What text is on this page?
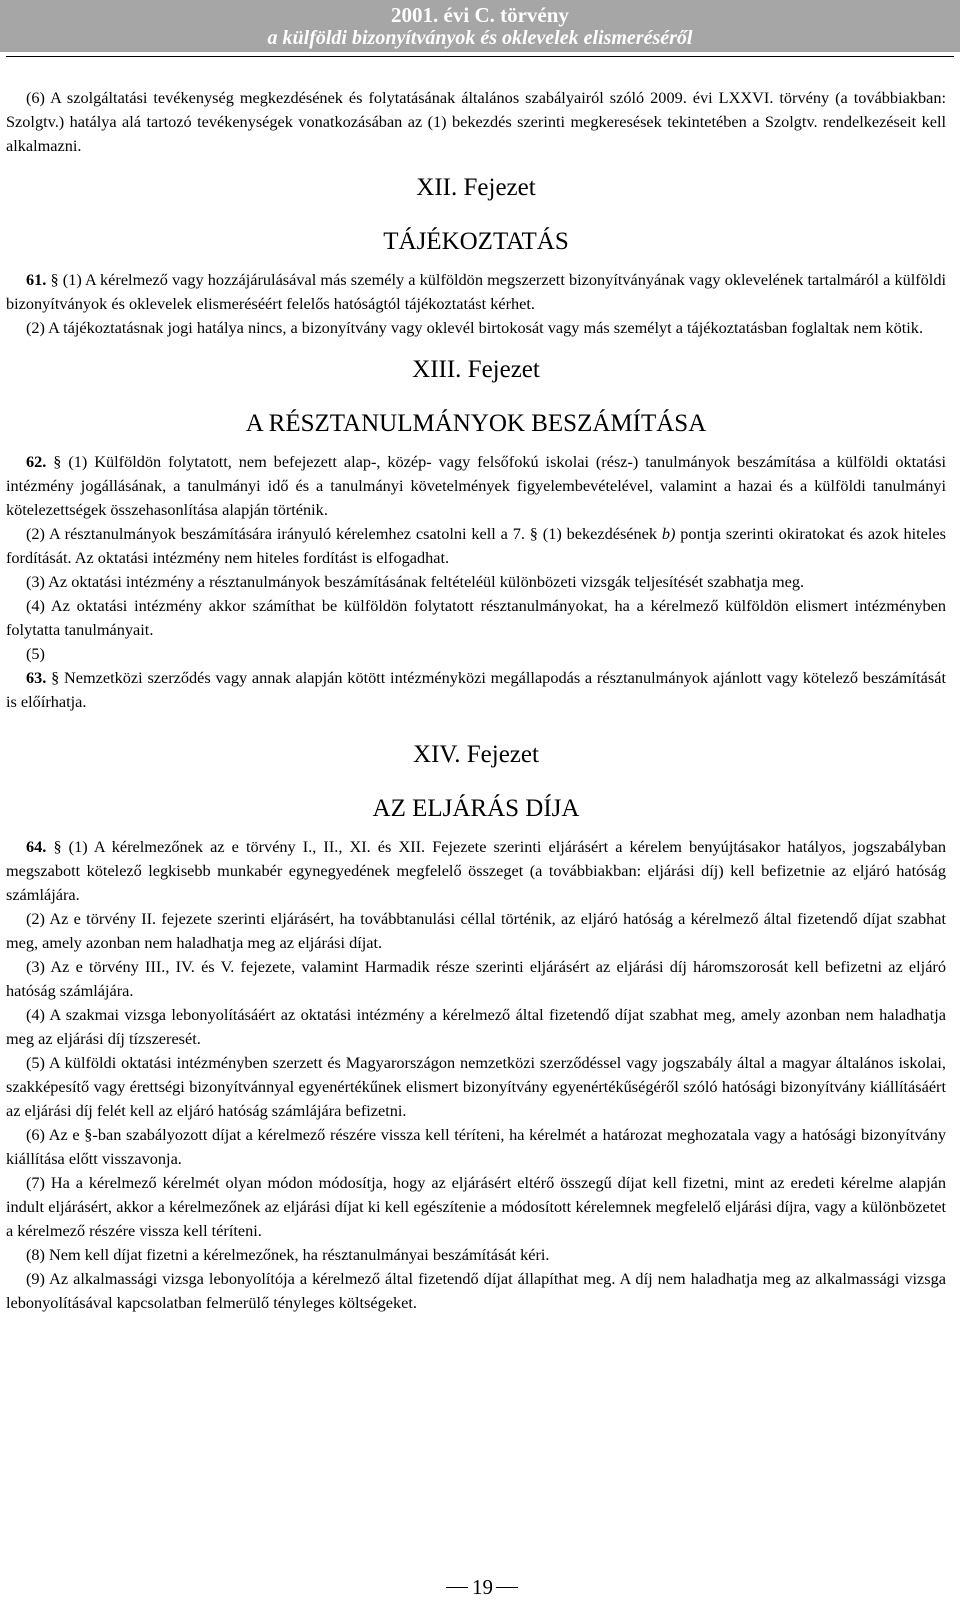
2001. évi C. törvény
a külföldi bizonyítványok és oklevelek elismeréséről

(6) A szolgáltatási tevékenység megkezdésének és folytatásának általános szabályairól szóló 2009. évi LXXVI. törvény (a továbbiakban: Szolgtv.) hatálya alá tartozó tevékenységek vonatkozásában az (1) bekezdés szerinti megkeresések tekintetében a Szolgtv. rendelkezéseit kell alkalmazni.

XII. Fejezet
TÁJÉKOZTATÁS

61. § (1) A kérelmező vagy hozzájárulásával más személy a külföldön megszerzett bizonyítványának vagy oklevelének tartalmáról a külföldi bizonyítványok és oklevelek elismeréséért felelős hatóságtól tájékoztatást kérhet.

(2) A tájékoztatásnak jogi hatálya nincs, a bizonyítvány vagy oklevél birtokosát vagy más személyt a tájékoztatásban foglaltak nem kötik.

XIII. Fejezet
A RÉSZTANULMÁNYOK BESZÁMÍTÁSA

62. § (1) Külföldön folytatott, nem befejezett alap-, közép- vagy felsőfokú iskolai (rész-) tanulmányok beszámítása a külföldi oktatási intézmény jogállásának, a tanulmányi idő és a tanulmányi követelmények figyelembevételével, valamint a hazai és a külföldi tanulmányi kötelezettségek összehasonlítása alapján történik.

(2) A résztanulmányok beszámítására irányuló kérelemhez csatolni kell a 7. § (1) bekezdésének b) pontja szerinti okiratokat és azok hiteles fordítását. Az oktatási intézmény nem hiteles fordítást is elfogadhat.

(3) Az oktatási intézmény a résztanulmányok beszámításának feltételéül különbözeti vizsgák teljesítését szabhatja meg.

(4) Az oktatási intézmény akkor számíthat be külföldön folytatott résztanulmányokat, ha a kérelmező külföldön elismert intézményben folytatta tanulmányait.

(5)

63. § Nemzetközi szerződés vagy annak alapján kötött intézményközi megállapodás a résztanulmányok ajánlott vagy kötelező beszámítását is előírhatja.

XIV. Fejezet
AZ ELJÁRÁS DÍJA

64. § (1) A kérelmezőnek az e törvény I., II., XI. és XII. Fejezete szerinti eljárásért a kérelem benyújtásakor hatályos, jogszabályban megszabott kötelező legkisebb munkabér egynegyedének megfelelő összeget (a továbbiakban: eljárási díj) kell befizetnie az eljáró hatóság számlájára.

(2) Az e törvény II. fejezete szerinti eljárásért, ha továbbtanulási céllal történik, az eljáró hatóság a kérelmező által fizetendő díjat szabhat meg, amely azonban nem haladhatja meg az eljárási díjat.

(3) Az e törvény III., IV. és V. fejezete, valamint Harmadik része szerinti eljárásért az eljárási díj háromszorosát kell befizetni az eljáró hatóság számlájára.

(4) A szakmai vizsga lebonyolításáért az oktatási intézmény a kérelmező által fizetendő díjat szabhat meg, amely azonban nem haladhatja meg az eljárási díj tízszeresét.

(5) A külföldi oktatási intézményben szerzett és Magyarországon nemzetközi szerződéssel vagy jogszabály által a magyar általános iskolai, szakképesítő vagy érettségi bizonyítvánnyal egyenértékűnek elismert bizonyítvány egyenértékűségéről szóló hatósági bizonyítvány kiállításáért az eljárási díj felét kell az eljáró hatóság számlájára befizetni.

(6) Az e §-ban szabályozott díjat a kérelmező részére vissza kell téríteni, ha kérelmét a határozat meghozatala vagy a hatósági bizonyítvány kiállítása előtt visszavonja.

(7) Ha a kérelmező kérelmét olyan módon módosítja, hogy az eljárásért eltérő összegű díjat kell fizetni, mint az eredeti kérelme alapján indult eljárásért, akkor a kérelmezőnek az eljárási díjat ki kell egészítenie a módosított kérelemnek megfelelő eljárási díjra, vagy a különbözetet a kérelmező részére vissza kell téríteni.

(8) Nem kell díjat fizetni a kérelmezőnek, ha résztanulmányai beszámítását kéri.

(9) Az alkalmassági vizsga lebonyolítója a kérelmező által fizetendő díjat állapíthat meg. A díj nem haladhatja meg az alkalmassági vizsga lebonyolításával kapcsolatban felmerülő tényleges költségeket.

19
